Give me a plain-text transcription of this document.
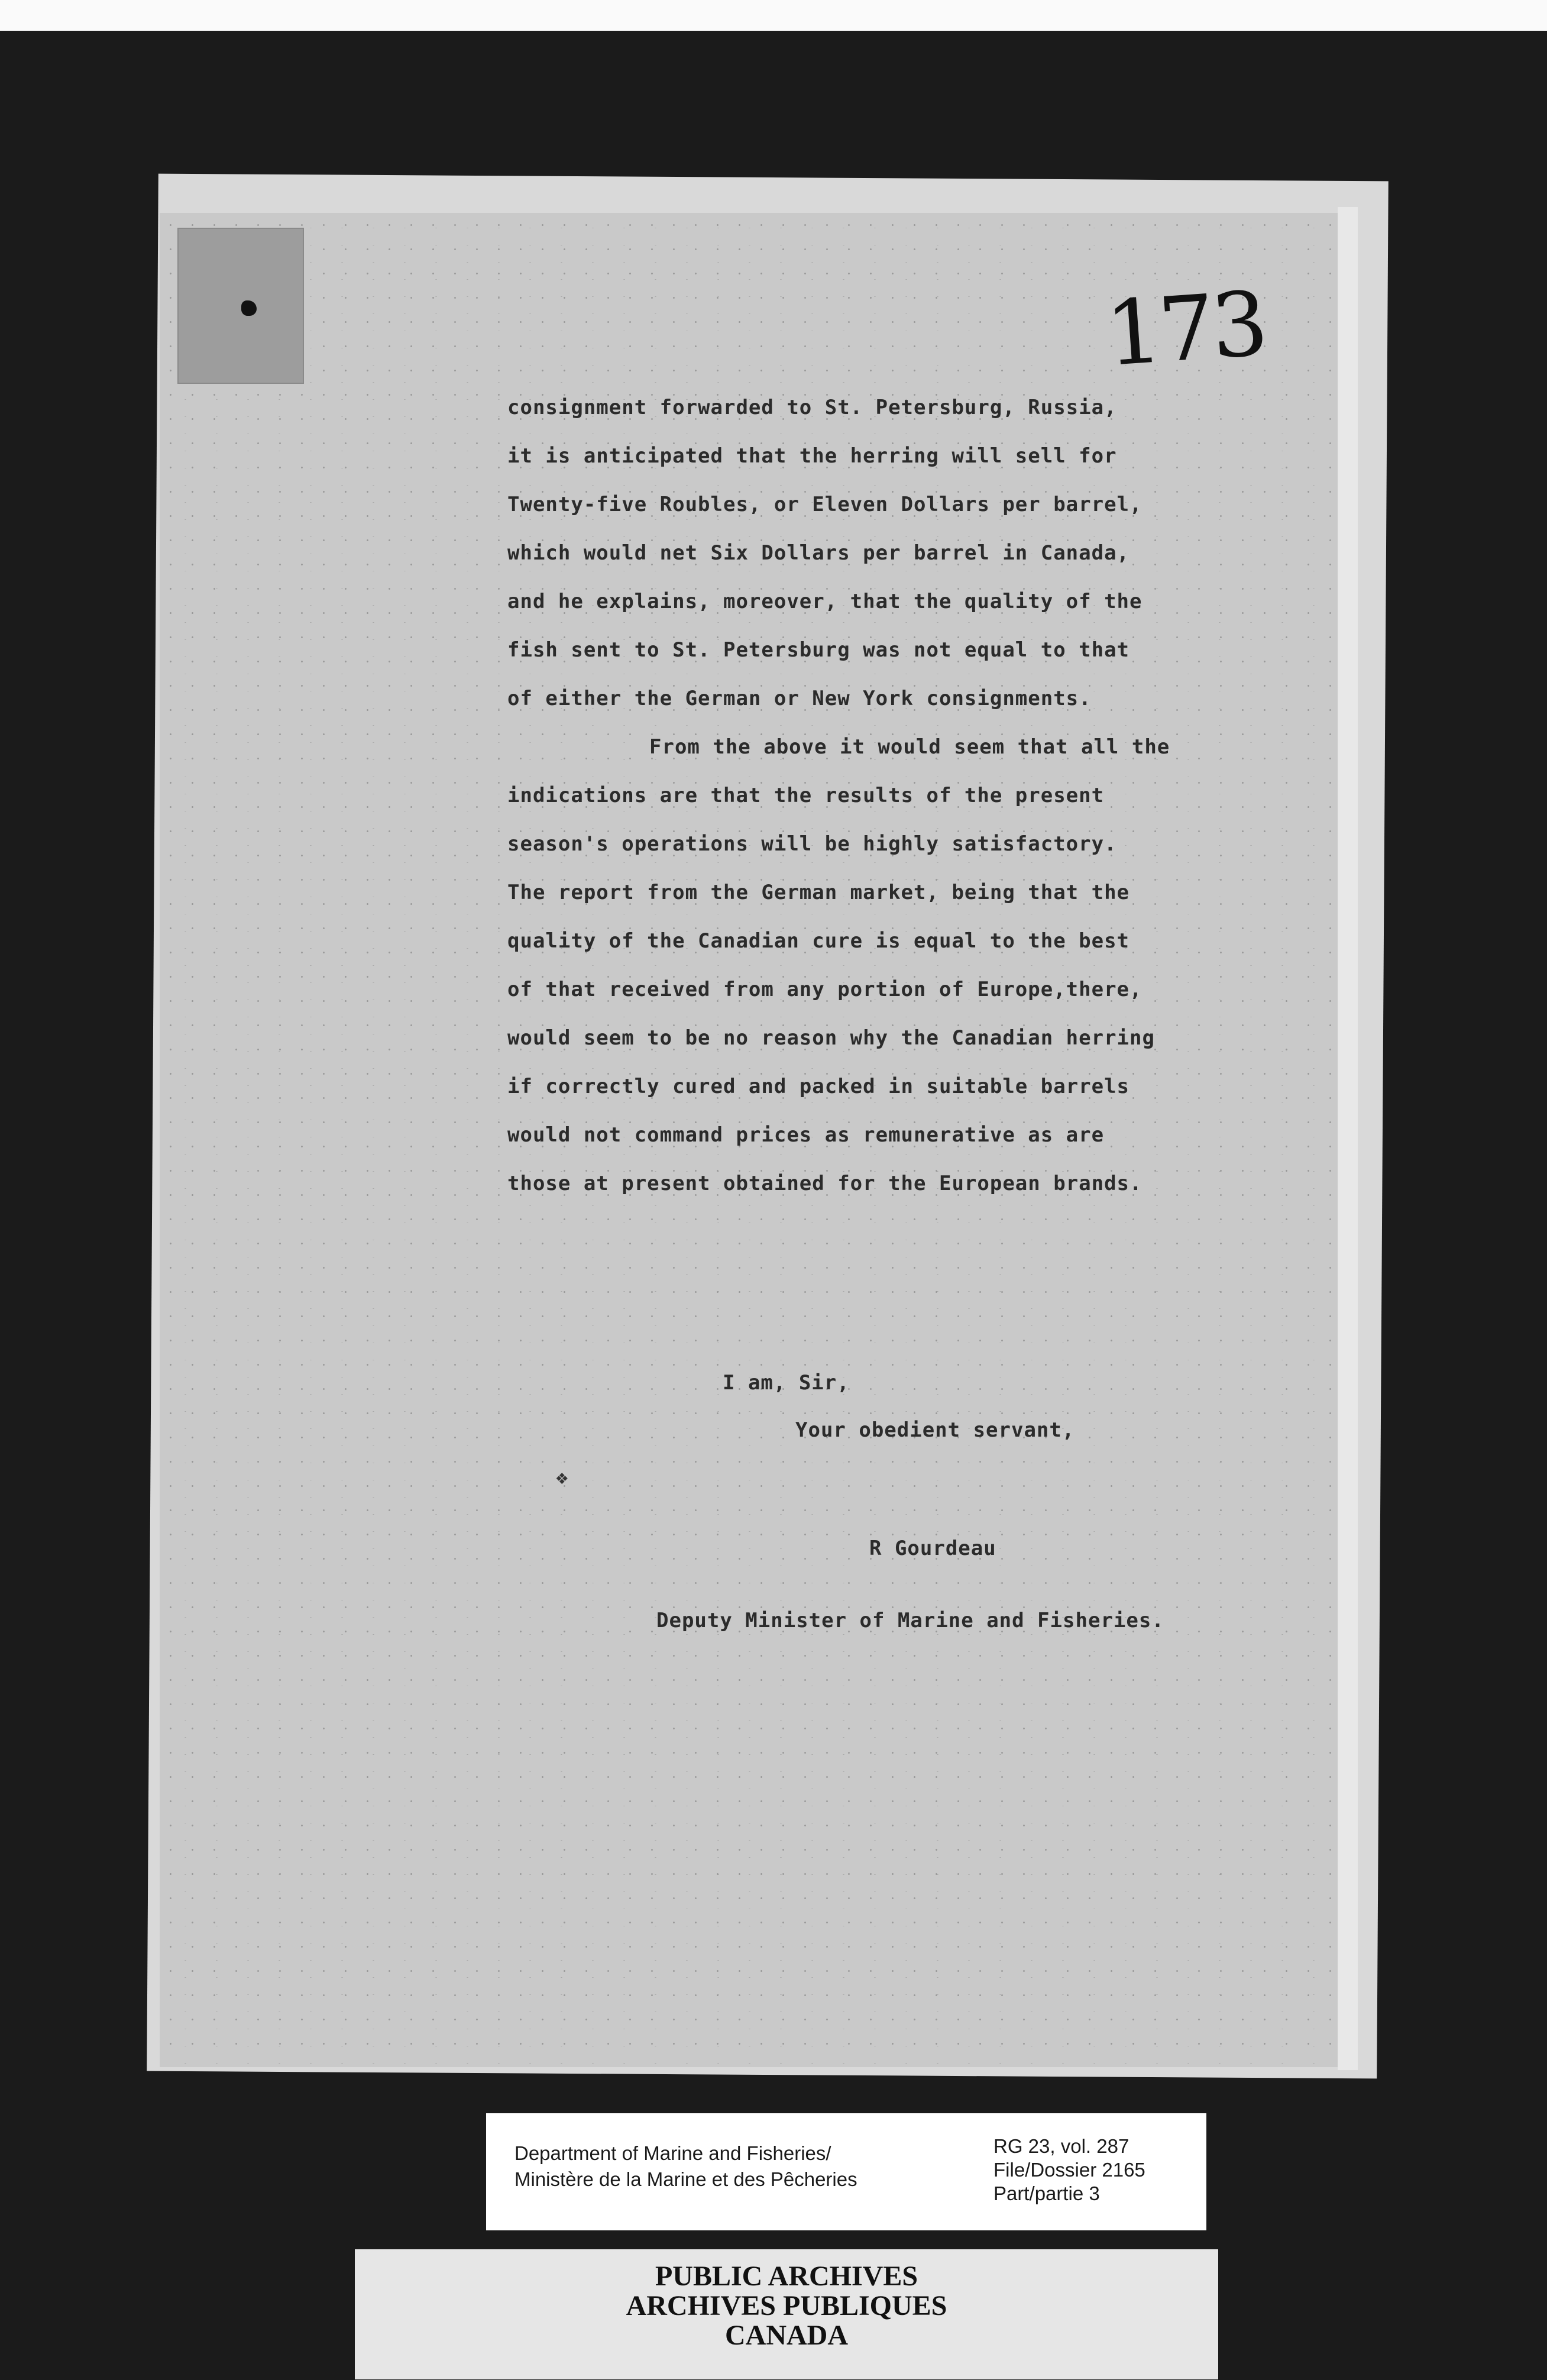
173
consignment forwarded to St. Petersburg, Russia,
it is anticipated that the herring will sell for
Twenty-five Roubles, or Eleven Dollars per barrel,
which would net Six Dollars per barrel in Canada,
and he explains, moreover, that the quality of the
fish sent to St. Petersburg was not equal to that
of either the German or New York consignments.
From the above it would seem that all the
indications are that the results of the present
season's operations will be highly satisfactory.
The report from the German market, being that the
quality of the Canadian cure is equal to the best
of that received from any portion of Europe,there,
would seem to be no reason why the Canadian herring
if correctly cured and packed in suitable barrels
would not command prices as remunerative as are
those at present obtained for the European brands.
I am, Sir,
Your obedient servant,
❖
R Gourdeau
Deputy Minister of Marine and Fisheries.
Department of Marine and Fisheries/
Ministère de la Marine et des Pêcheries
RG 23, vol. 287
File/Dossier 2165
Part/partie 3
PUBLIC ARCHIVES
ARCHIVES PUBLIQUES
CANADA
